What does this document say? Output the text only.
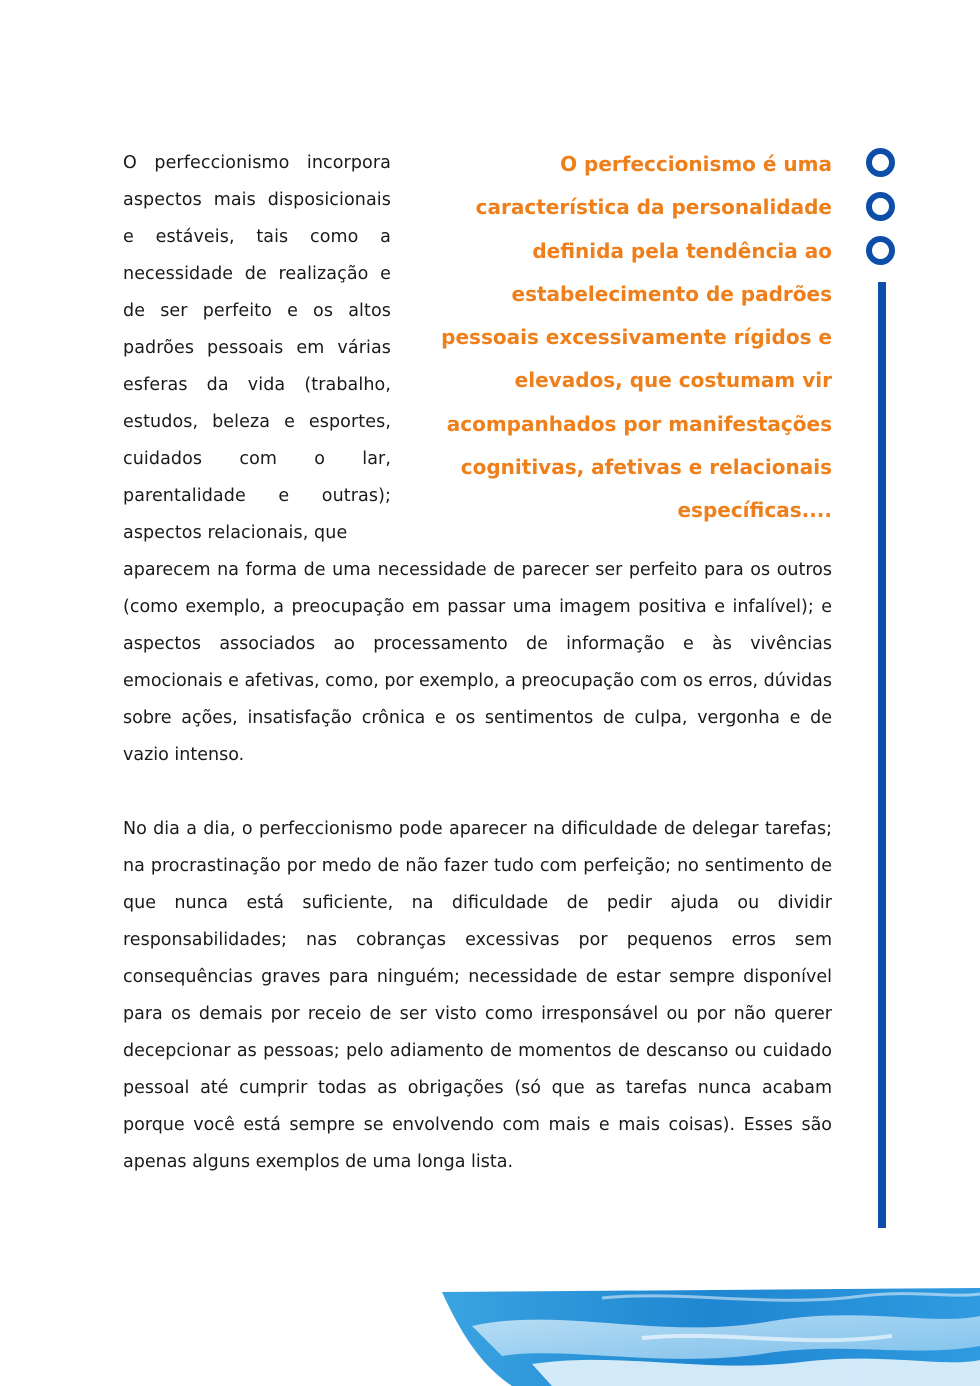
O perfeccionismo incorpora aspectos mais disposicionais e estáveis, tais como a necessidade de realização e de ser perfeito e os altos padrões pessoais em várias esferas da vida (trabalho, estudos, beleza e esportes, cuidados com o lar, parentalidade e outras); aspectos relacionais, que

O perfeccionismo é uma
característica da personalidade
definida pela tendência ao
estabelecimento de padrões
pessoais excessivamente rígidos e
elevados, que costumam vir
acompanhados por manifestações
cognitivas, afetivas e relacionais
específicas....

aparecem na forma de uma necessidade de parecer ser perfeito para os outros (como exemplo, a preocupação em passar uma imagem positiva e infalível); e aspectos associados ao processamento de informação e às vivências emocionais e afetivas, como, por exemplo, a preocupação com os erros, dúvidas sobre ações, insatisfação crônica e os sentimentos de culpa, vergonha e de vazio intenso.

No dia a dia, o perfeccionismo pode aparecer na dificuldade de delegar tarefas; na procrastinação por medo de não fazer tudo com perfeição; no sentimento de que nunca está suficiente, na dificuldade de pedir ajuda ou dividir responsabilidades; nas cobranças excessivas por pequenos erros sem consequências graves para ninguém; necessidade de estar sempre disponível para os demais por receio de ser visto como irresponsável ou por não querer decepcionar as pessoas; pelo adiamento de momentos de descanso ou cuidado pessoal até cumprir todas as obrigações (só que as tarefas nunca acabam porque você está sempre se envolvendo com mais e mais coisas). Esses são apenas alguns exemplos de uma longa lista.
